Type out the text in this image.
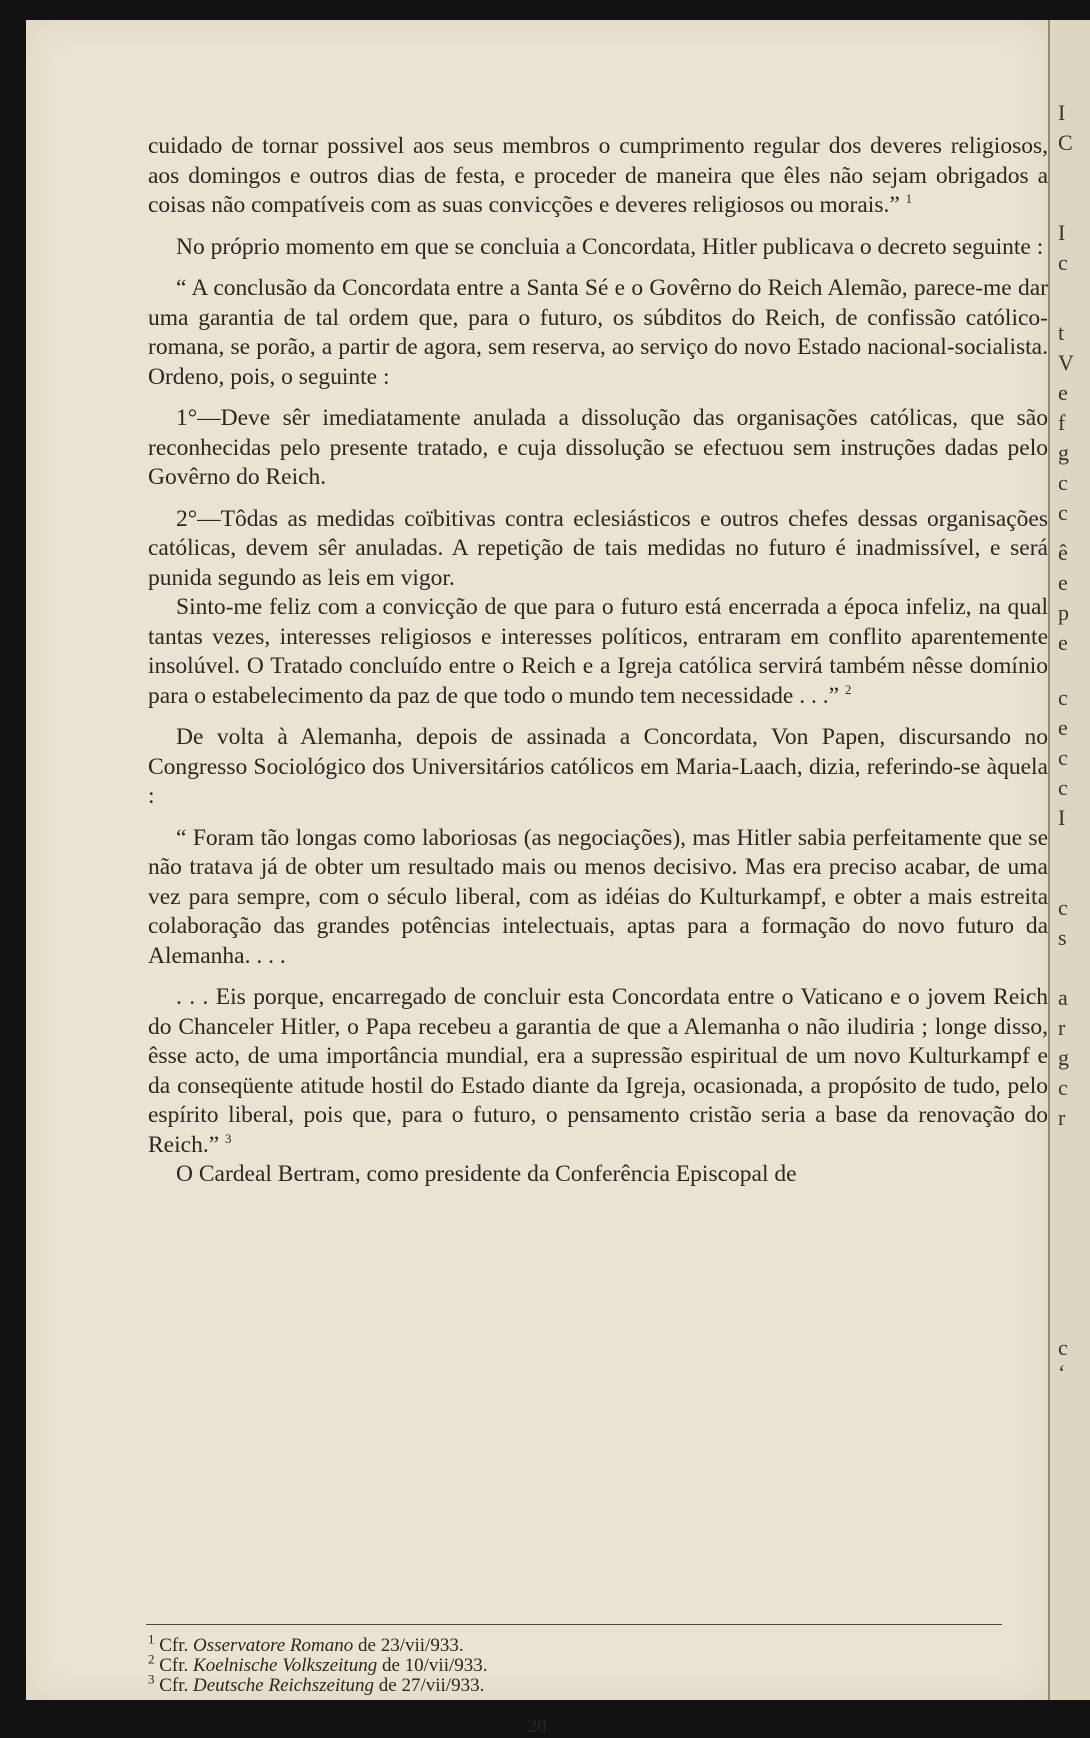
cuidado de tornar possivel aos seus membros o cumprimento regular dos deveres religiosos, aos domingos e outros dias de festa, e proceder de maneira que êles não sejam obrigados a coisas não compatíveis com as suas convicções e deveres religiosos ou morais.” $^1$

No próprio momento em que se concluia a Concordata, Hitler publicava o decreto seguinte :

“ A conclusão da Concordata entre a Santa Sé e o Govêrno do Reich Alemão, parece-me dar uma garantia de tal ordem que, para o futuro, os súbditos do Reich, de confissão católico-romana, se porão, a partir de agora, sem reserva, ao serviço do novo Estado nacional-socialista. Ordeno, pois, o seguinte :

1°—Deve sêr imediatamente anulada a dissolução das organisações católicas, que são reconhecidas pelo presente tratado, e cuja dissolução se efectuou sem instruções dadas pelo Govêrno do Reich.

2°—Tôdas as medidas coïbitivas contra eclesiásticos e outros chefes dessas organisações católicas, devem sêr anuladas. A repetição de tais medidas no futuro é inadmissível, e será punida segundo as leis em vigor.

Sinto-me feliz com a convicção de que para o futuro está encerrada a época infeliz, na qual tantas vezes, interesses religiosos e interesses políticos, entraram em conflito aparentemente insolúvel. O Tratado concluído entre o Reich e a Igreja católica servirá também nêsse domínio para o estabelecimento da paz de que todo o mundo tem necessidade . . .” $^2$

De volta à Alemanha, depois de assinada a Concordata, Von Papen, discursando no Congresso Sociológico dos Universitários católicos em Maria-Laach, dizia, referindo-se àquela :

“ Foram tão longas como laboriosas (as negociações), mas Hitler sabia perfeitamente que se não tratava já de obter um resultado mais ou menos decisivo. Mas era preciso acabar, de uma vez para sempre, com o século liberal, com as idéias do Kulturkampf, e obter a mais estreita colaboração das grandes potências intelectuais, aptas para a formação do novo futuro da Alemanha. . . .

. . . Eis porque, encarregado de concluir esta Concordata entre o Vaticano e o jovem Reich do Chanceler Hitler, o Papa recebeu a garantia de que a Alemanha o não iludiria ; longe disso, êsse acto, de uma importância mundial, era a supressão espiritual de um novo Kulturkampf e da conseqüente atitude hostil do Estado diante da Igreja, ocasionada, a propósito de tudo, pelo espírito liberal, pois que, para o futuro, o pensamento cristão seria a base da renovação do Reich.” $^3$

O Cardeal Bertram, como presidente da Conferência Episcopal de

$^1$ Cfr. Osservatore Romano de 23/vii/933.
$^2$ Cfr. Koelnische Volkszeitung de 10/vii/933.
$^3$ Cfr. Deutsche Reichszeitung de 27/vii/933.
20
I
C
I
c
t
V
e
f
g
c
c
ê
e
p
e
c
e
c
c
I
c
s
a
r
g
c
r
c
‘
